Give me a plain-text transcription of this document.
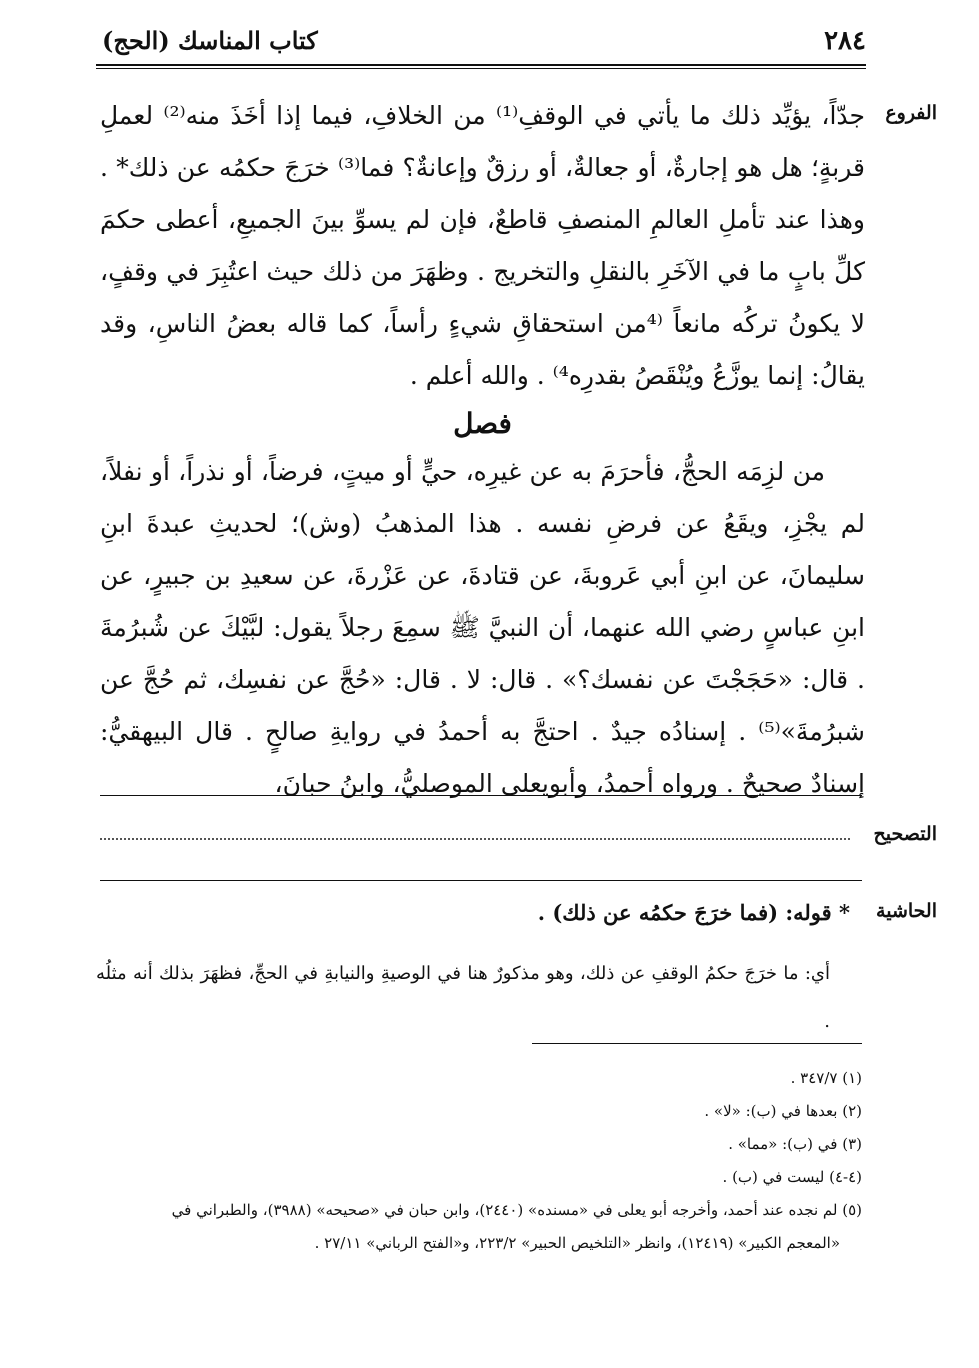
٢٨٤
كتاب المناسك (الحج)
الفروع

جدّاً، يؤيِّد ذلك ما يأتي في الوقفِ⁽¹⁾ من الخلافِ، فيما إذا أخَذَ منه⁽²⁾ لعملِ قربةٍ؛ هل هو إجارةٌ، أو جعالةٌ، أو رزقٌ وإعانةٌ؟ فما⁽³⁾ خرَجَ حكمُه عن ذلك* . وهذا عند تأملِ العالمِ المنصفِ قاطعٌ، فإن لم يسوِّ بينَ الجميعِ، أعطى حكمَ كلِّ بابٍ ما في الآخَرِ بالنقلِ والتخريج . وظهَرَ من ذلك حيث اعتُبِرَ في وقفٍ، لا يكونُ تركُه مانعاً ⁽⁴من استحقاقِ شيءٍ رأساً، كما قاله بعضُ الناسِ، وقد يقالُ: إنما يوزَّعُ ويُنْقَصُ بقدرِه⁴⁾ . والله أعلم .

فصل

من لزِمَه الحجُّ، فأحرَمَ به عن غيرِه، حيٍّ أو ميتٍ، فرضاً، أو نذراً، أو نفلاً، لم يجْزِ، ويقَعُ عن فرضِ نفسه . هذا المذهبُ (وش)؛ لحديثِ عبدةَ ابنِ سليمانَ، عن ابنِ أبي عَروبةَ، عن قتادةَ، عن عَزْرةَ، عن سعيدِ بن جبيرٍ، عن ابنِ عباسٍ رضي الله عنهما، أن النبيَّ ﷺ سمِعَ رجلاً يقول: لبَّيْكَ عن شُبرُمةَ . قال: «حَجَجْتَ عن نفسك؟» . قال: لا . قال: «حُجَّ عن نفسِك، ثم حُجَّ عن شبرُمةَ»⁽⁵⁾ . إسنادُه جيدٌ . احتجَّ به أحمدُ في روايةِ صالحٍ . قال البيهقيُّ: إسنادٌ صحيحٌ . ورواه أحمدُ، وأبويعلى الموصليُّ، وابنُ حبانَ،

التصحيح
الحاشية
* قوله: (فما خرَجَ حكمُه عن ذلك) .
أي: ما خرَجَ حكمُ الوقفِ عن ذلك، وهو مذكورٌ هنا في الوصيةِ والنيابةِ في الحجِّ، فظهَرَ بذلك أنه مثلُه .
(١) ٣٤٧/٧ .
(٢) بعدها في (ب): «لا» .
(٣) في (ب): «مما» .
(٤-٤) ليست في (ب) .
(٥) لم نجده عند أحمد، وأخرجه أبو يعلى في «مسنده» (٢٤٤٠)، وابن حبان في «صحيحه» (٣٩٨٨)، والطبراني في
«المعجم الكبير» (١٢٤١٩)، وانظر «التلخيص الحبير» ٢٢٣/٢، و«الفتح الرباني» ٢٧/١١ .
